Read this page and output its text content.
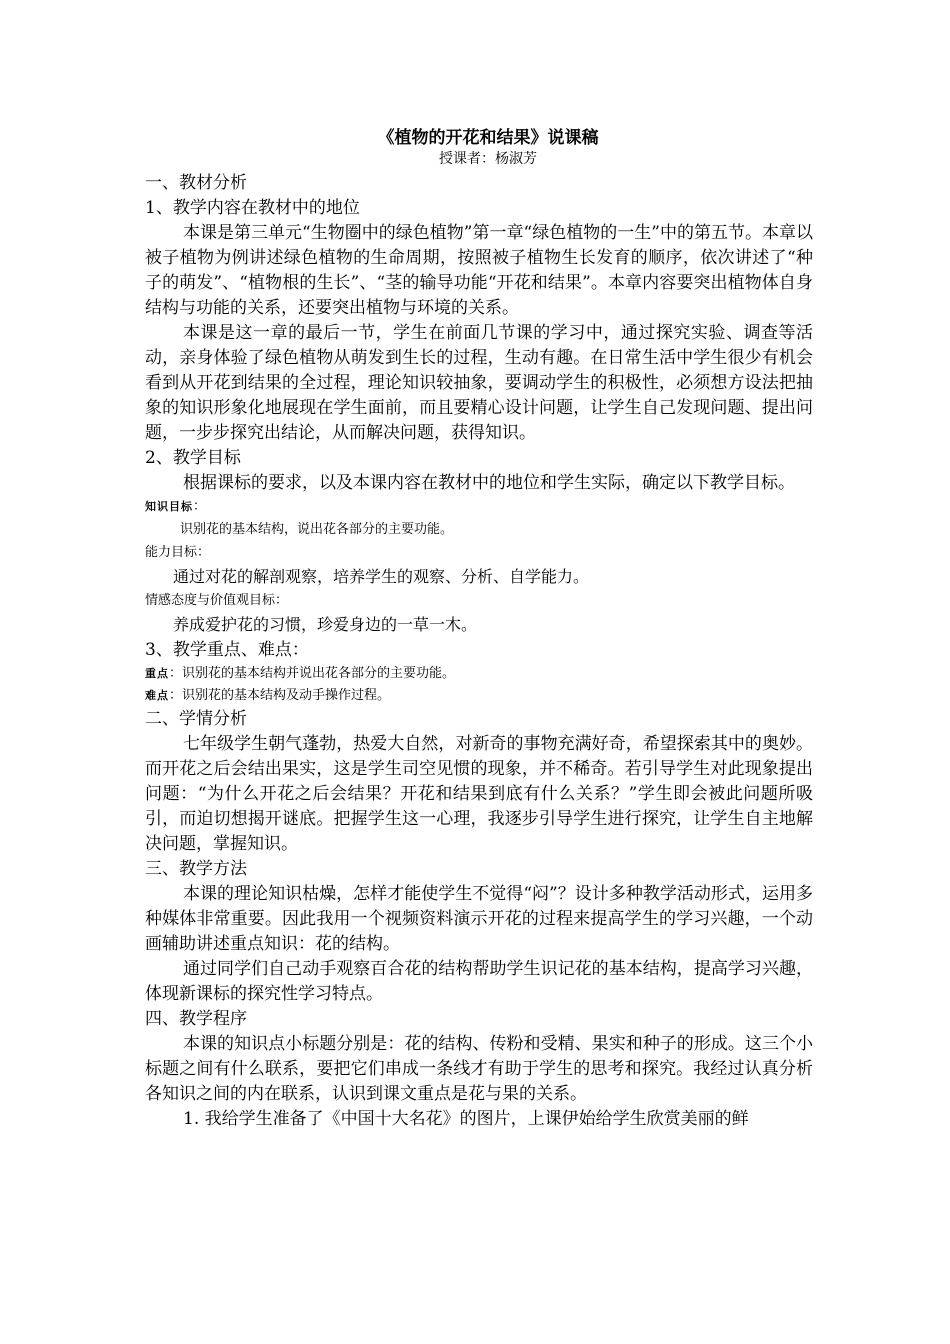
《植物的开花和结果》说课稿
授课者：杨淑芳
一、教材分析
1、教学内容在教材中的地位

本课是第三单元“生物圈中的绿色植物”第一章“绿色植物的一生”中的第五节。本章以被子植物为例讲述绿色植物的生命周期，按照被子植物生长发育的顺序，依次讲述了“种子的萌发”、“植物根的生长”、“茎的输导功能“开花和结果”。本章内容要突出植物体自身结构与功能的关系，还要突出植物与环境的关系。

本课是这一章的最后一节，学生在前面几节课的学习中，通过探究实验、调查等活动，亲身体验了绿色植物从萌发到生长的过程，生动有趣。在日常生活中学生很少有机会看到从开花到结果的全过程，理论知识较抽象，要调动学生的积极性，必须想方设法把抽象的知识形象化地展现在学生面前，而且要精心设计问题，让学生自己发现问题、提出问题，一步步探究出结论，从而解决问题，获得知识。

2、教学目标

根据课标的要求，以及本课内容在教材中的地位和学生实际，确定以下教学目标。

知识目标：
识别花的基本结构，说出花各部分的主要功能。
能力目标：
通过对花的解剖观察，培养学生的观察、分析、自学能力。
情感态度与价值观目标：
养成爱护花的习惯，珍爱身边的一草一木。
3、教学重点、难点：
重点：识别花的基本结构并说出花各部分的主要功能。
难点：识别花的基本结构及动手操作过程。
二、学情分析

七年级学生朝气蓬勃，热爱大自然，对新奇的事物充满好奇，希望探索其中的奥妙。而开花之后会结出果实，这是学生司空见惯的现象，并不稀奇。若引导学生对此现象提出问题：“为什么开花之后会结果？开花和结果到底有什么关系？”学生即会被此问题所吸引，而迫切想揭开谜底。把握学生这一心理，我逐步引导学生进行探究，让学生自主地解决问题，掌握知识。

三、教学方法

本课的理论知识枯燥，怎样才能使学生不觉得“闷”？设计多种教学活动形式，运用多种媒体非常重要。因此我用一个视频资料演示开花的过程来提高学生的学习兴趣，一个动画辅助讲述重点知识：花的结构。

通过同学们自己动手观察百合花的结构帮助学生识记花的基本结构，提高学习兴趣，体现新课标的探究性学习特点。

四、教学程序

本课的知识点小标题分别是：花的结构、传粉和受精、果实和种子的形成。这三个小标题之间有什么联系，要把它们串成一条线才有助于学生的思考和探究。我经过认真分析各知识之间的内在联系，认识到课文重点是花与果的关系。

1. 我给学生准备了《中国十大名花》的图片，上课伊始给学生欣赏美丽的鲜
